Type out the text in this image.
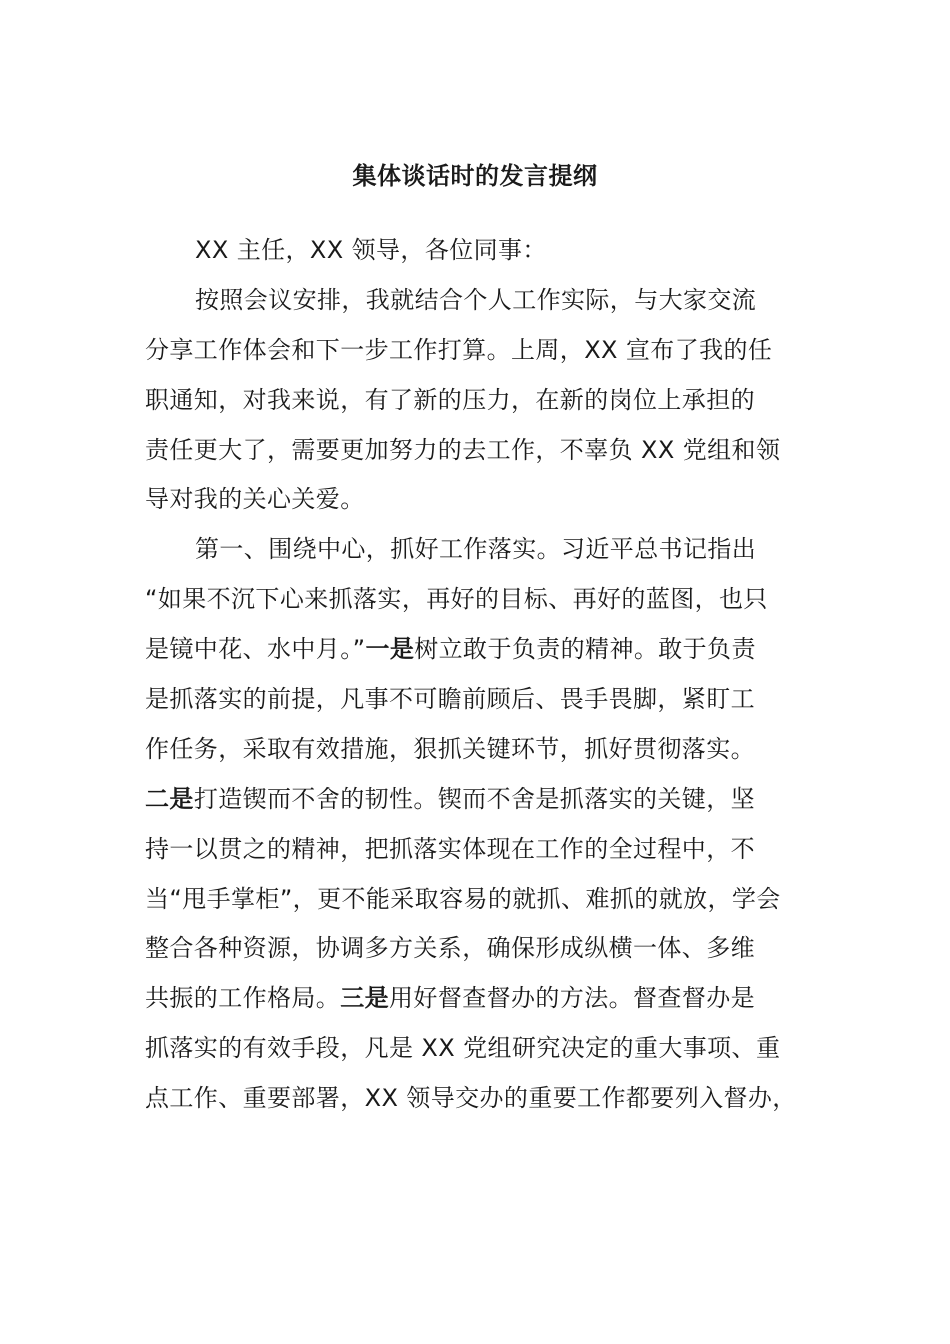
集体谈话时的发言提纲
XX 主任，XX 领导，各位同事：
按照会议安排，我就结合个人工作实际，与大家交流
分享工作体会和下一步工作打算。上周，XX 宣布了我的任
职通知，对我来说，有了新的压力，在新的岗位上承担的
责任更大了，需要更加努力的去工作，不辜负 XX 党组和领
导对我的关心关爱。
第一、围绕中心，抓好工作落实。习近平总书记指出
“如果不沉下心来抓落实，再好的目标、再好的蓝图，也只
是镜中花、水中月。”一是树立敢于负责的精神。敢于负责
是抓落实的前提，凡事不可瞻前顾后、畏手畏脚，紧盯工
作任务，采取有效措施，狠抓关键环节，抓好贯彻落实。
二是打造锲而不舍的韧性。锲而不舍是抓落实的关键，坚
持一以贯之的精神，把抓落实体现在工作的全过程中，不
当“甩手掌柜”，更不能采取容易的就抓、难抓的就放，学会
整合各种资源，协调多方关系，确保形成纵横一体、多维
共振的工作格局。三是用好督查督办的方法。督查督办是
抓落实的有效手段，凡是 XX 党组研究决定的重大事项、重
点工作、重要部署，XX 领导交办的重要工作都要列入督办，
